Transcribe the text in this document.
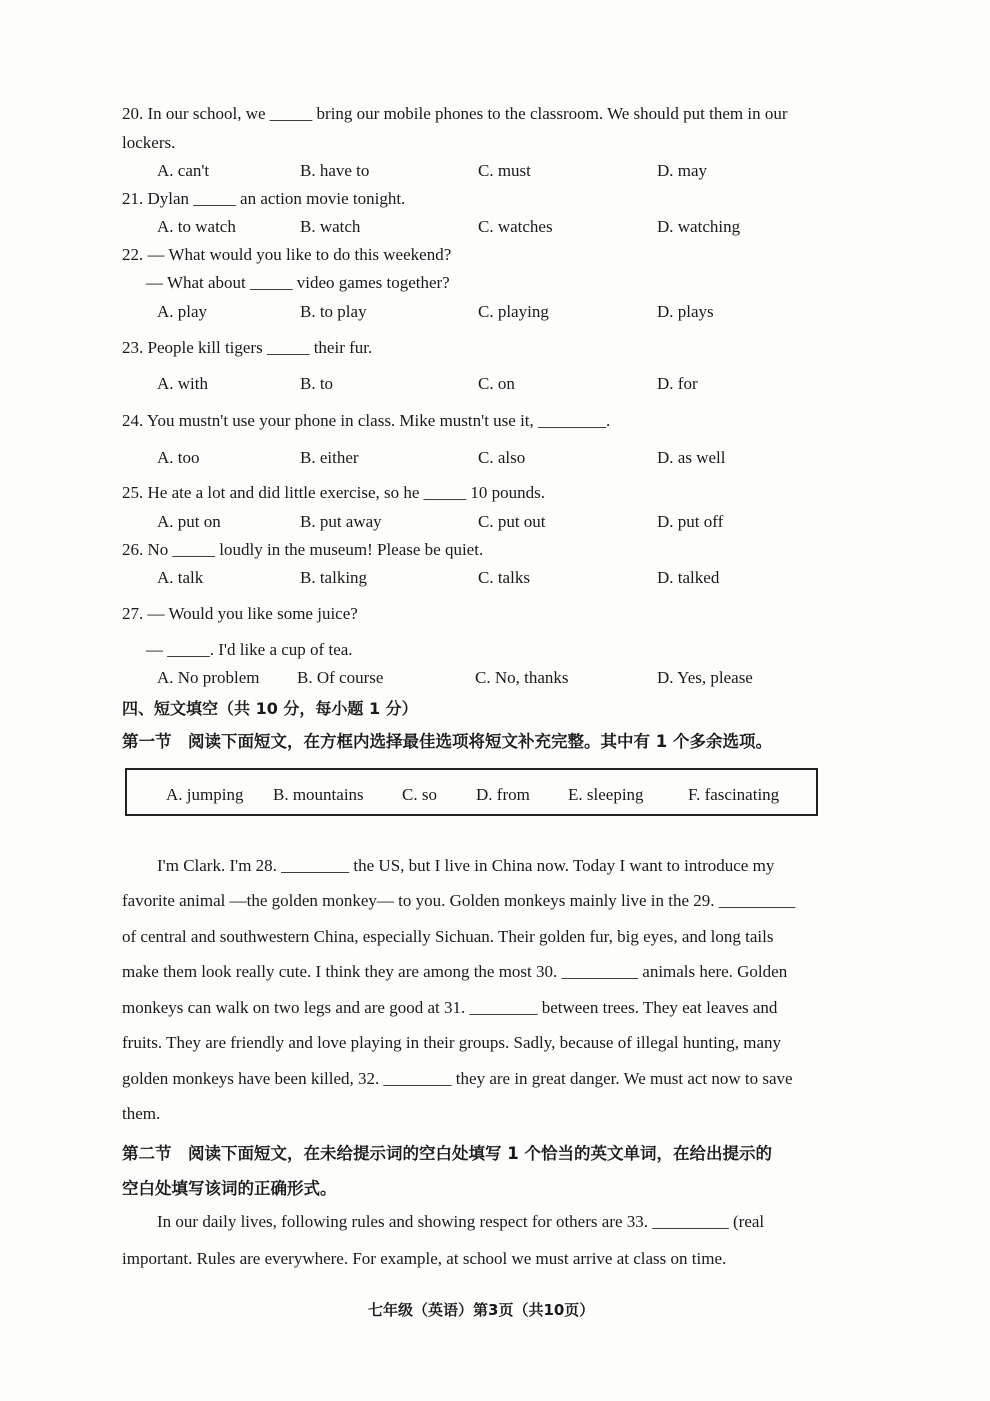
20. In our school, we _____ bring our mobile phones to the classroom. We should put them in our
lockers.
A. can't	B. have to	C. must	D. may
21. Dylan _____ an action movie tonight.
A. to watch	B. watch	C. watches	D. watching
22. — What would you like to do this weekend?
— What about _____ video games together?
A. play	B. to play	C. playing	D. plays
23. People kill tigers _____ their fur.
A. with	B. to	C. on	D. for
24. You mustn't use your phone in class. Mike mustn't use it, ________.
A. too	B. either	C. also	D. as well
25. He ate a lot and did little exercise, so he _____ 10 pounds.
A. put on	B. put away	C. put out	D. put off
26. No _____ loudly in the museum! Please be quiet.
A. talk	B. talking	C. talks	D. talked
27. — Would you like some juice?
— _____. I'd like a cup of tea.
A. No problem B. Of course	C. No, thanks	D. Yes, please
四、短文填空（共 10 分，每小题 1 分）
第一节　阅读下面短文，在方框内选择最佳选项将短文补充完整。其中有 1 个多余选项。
A. jumping B. mountains C. so D. from E. sleeping	F. fascinating
I'm Clark. I'm 28. ________ the US, but I live in China now. Today I want to introduce my
favorite animal —the golden monkey— to you. Golden monkeys mainly live in the 29. _________
of central and southwestern China, especially Sichuan. Their golden fur, big eyes, and long tails
make them look really cute. I think they are among the most 30. _________ animals here. Golden
monkeys can walk on two legs and are good at 31. ________ between trees. They eat leaves and
fruits. They are friendly and love playing in their groups. Sadly, because of illegal hunting, many
golden monkeys have been killed, 32. ________ they are in great danger. We must act now to save
them.
第二节　阅读下面短文，在未给提示词的空白处填写 1 个恰当的英文单词，在给出提示的
空白处填写该词的正确形式。
In our daily lives, following rules and showing respect for others are 33. _________ (real
important. Rules are everywhere. For example, at school we must arrive at class on time.
七年级（英语）第3页（共10页）
